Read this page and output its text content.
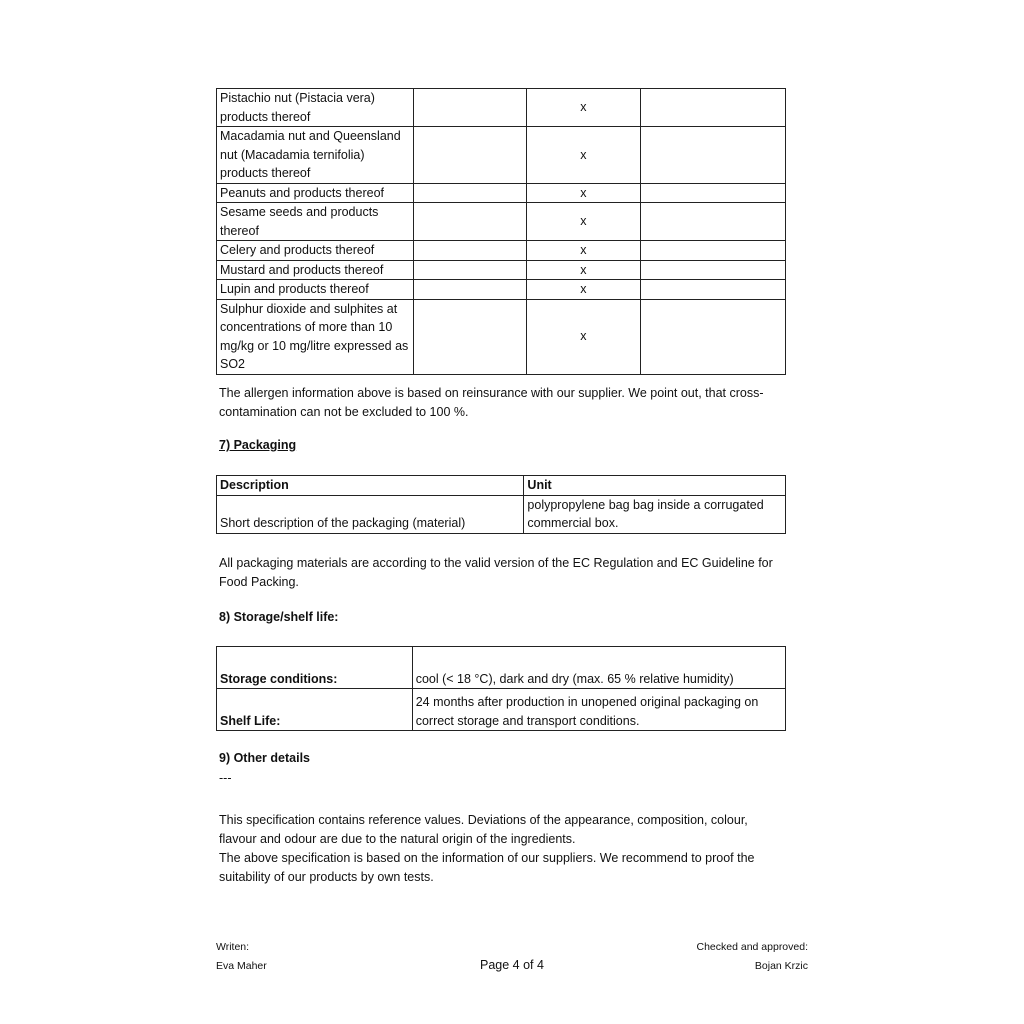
Pistachio nut (Pistacia vera) products thereof		x	
Macadamia nut and Queensland nut (Macadamia ternifolia) products thereof		x	
Peanuts and products thereof		x	
Sesame seeds and products thereof		x	
Celery and products thereof		x	
Mustard and products thereof		x	
Lupin and products thereof		x	
Sulphur dioxide and sulphites at concentrations of more than 10 mg/kg or 10 mg/litre expressed as SO2		x	
The allergen information above is based on reinsurance with our supplier. We point out, that cross-contamination can not be excluded to 100 %.
7) Packaging
Description	Unit
Short description of the packaging (material)	polypropylene bag bag inside a corrugated commercial box.
All packaging materials are according to the valid version of the EC Regulation and EC Guideline for Food Packing.
8) Storage/shelf life:
Storage conditions:	cool (< 18 °C), dark and dry (max. 65 % relative humidity)
Shelf Life:	24 months after production in unopened original packaging on correct storage and transport conditions.
9) Other details
---
This specification contains reference values. Deviations of the appearance, composition, colour, flavour and odour are due to the natural origin of the ingredients.
The above specification is based on the information of our suppliers. We recommend to proof the suitability of our products by own tests.
Writen:
Eva Maher	Page 4 of 4
Checked and approved:
Bojan Krzic
